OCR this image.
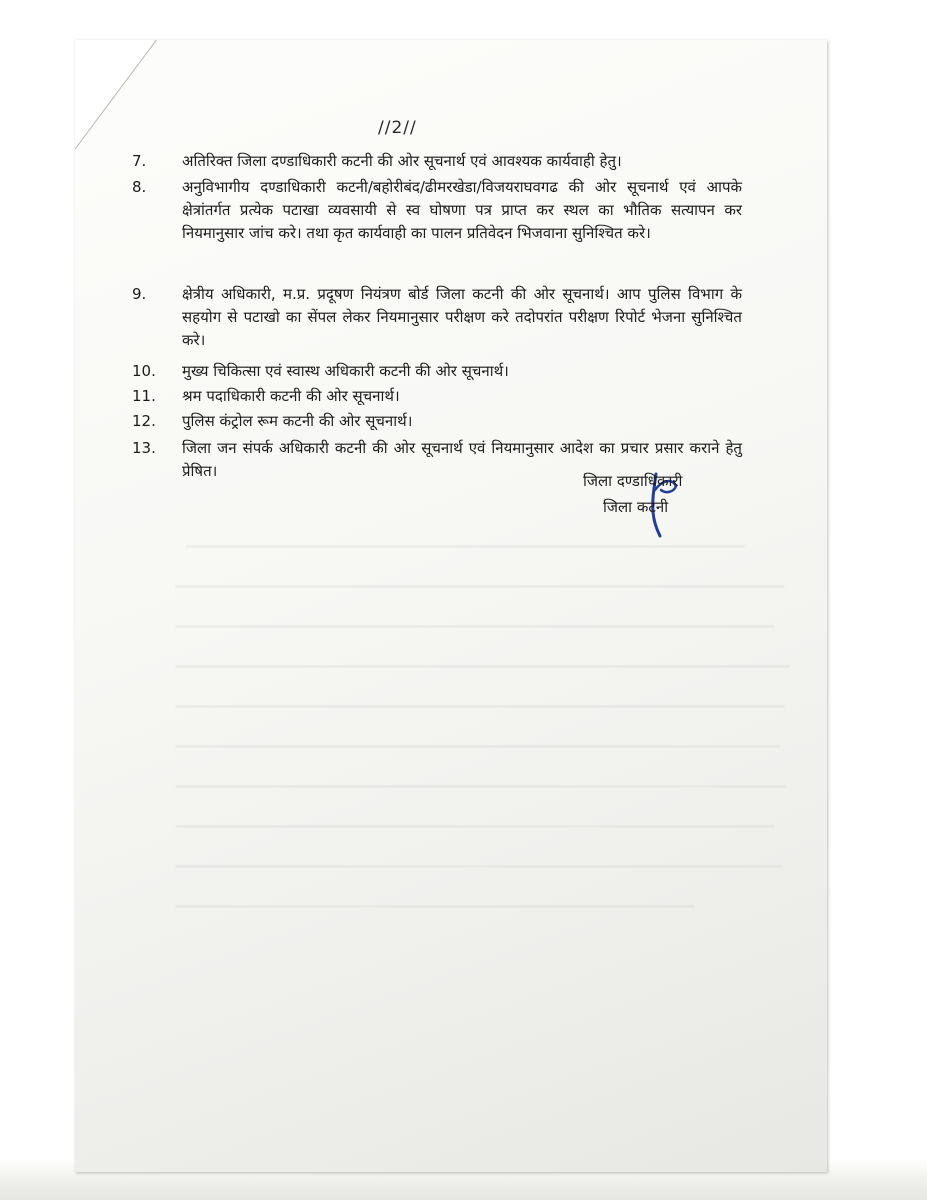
//2//
7.	अतिरिक्त जिला दण्डाधिकारी कटनी की ओर सूचनार्थ एवं आवश्यक कार्यवाही हेतु।
8.	अनुविभागीय दण्डाधिकारी कटनी/बहोरीबंद/ढीमरखेडा/विजयराघवगढ की ओर सूचनार्थ एवं आपके क्षेत्रांतर्गत प्रत्येक पटाखा व्यवसायी से स्व घोषणा पत्र प्राप्त कर स्थल का भौतिक सत्यापन कर नियमानुसार जांच करे। तथा कृत कार्यवाही का पालन प्रतिवेदन भिजवाना सुनिश्चित करे।
9.	क्षेत्रीय अधिकारी, म.प्र. प्रदूषण नियंत्रण बोर्ड जिला कटनी की ओर सूचनार्थ। आप पुलिस विभाग के सहयोग से पटाखो का सेंपल लेकर नियमानुसार परीक्षण करे तदोपरांत परीक्षण रिपोर्ट भेजना सुनिश्चित करे।
10.	मुख्य चिकित्सा एवं स्वास्थ अधिकारी कटनी की ओर सूचनार्थ।
11.	श्रम पदाधिकारी कटनी की ओर सूचनार्थ।
12.	पुलिस कंट्रोल रूम कटनी की ओर सूचनार्थ।
13.	जिला जन संपर्क अधिकारी कटनी की ओर सूचनार्थ एवं नियमानुसार आदेश का प्रचार प्रसार कराने हेतु प्रेषित।
जिला दण्डाधिकारी
जिला कटनी
